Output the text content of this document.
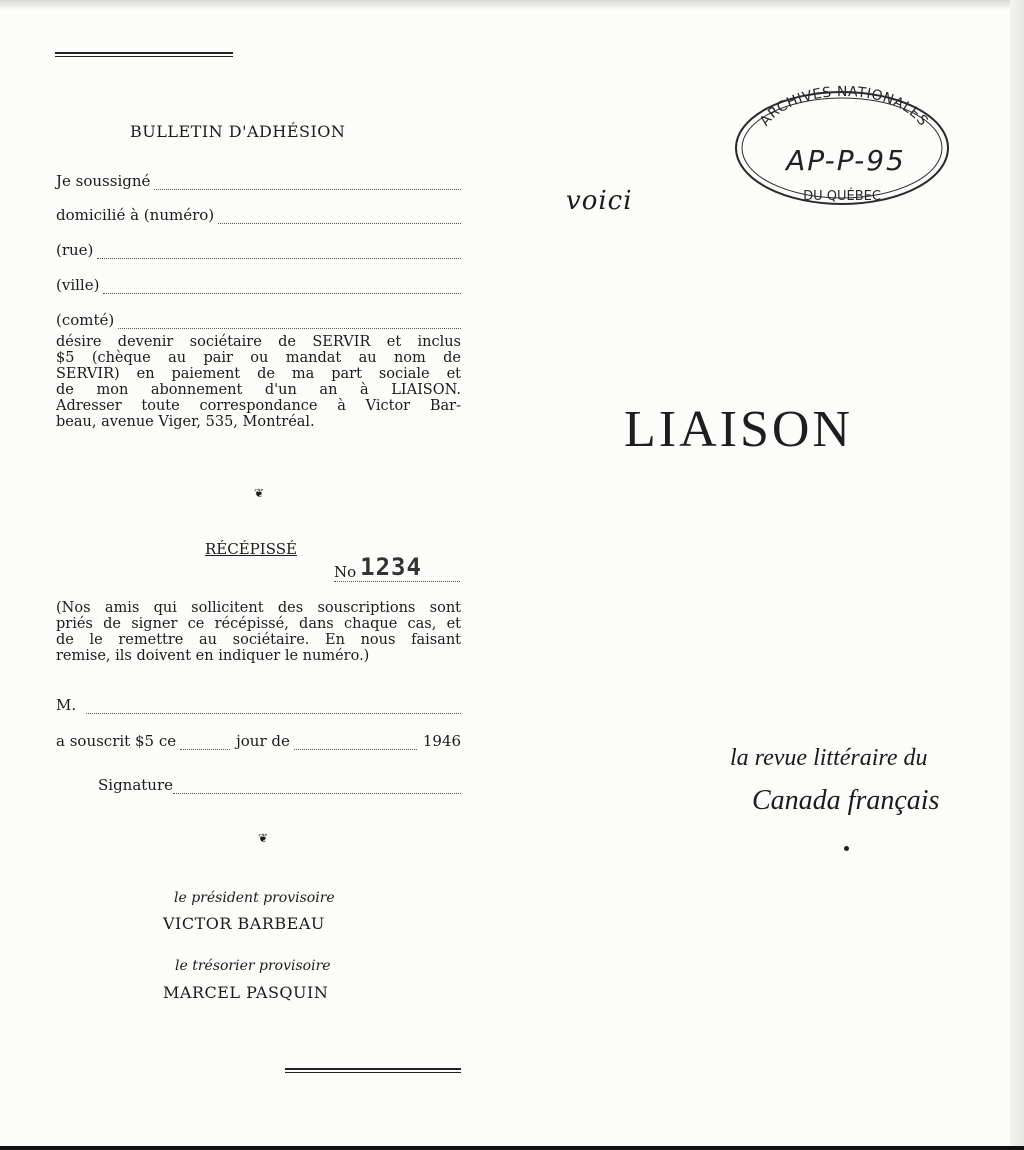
BULLETIN D'ADHÉSION
Je soussigné
domicilié à (numéro)
(rue)
(ville)
(comté)
désire devenir sociétaire de SERVIR et inclus
$5 (chèque au pair ou mandat au nom de
SERVIR) en paiement de ma part sociale et
de mon abonnement d'un an à LIAISON.
Adresser toute correspondance à Victor Bar-
beau, avenue Viger, 535, Montréal.
❦
RÉCÉPISSÉ
No 1234
(Nos amis qui sollicitent des souscriptions sont
priés de signer ce récépissé, dans chaque cas, et
de le remettre au sociétaire. En nous faisant
remise, ils doivent en indiquer le numéro.)
M.
a souscrit $5 ce	jour de	1946
Signature
❦
le président provisoire
VICTOR BARBEAU
le trésorier provisoire
MARCEL PASQUIN
voici
LIAISON
la revue littéraire du
Canada français
ARCHIVES NATIONALES
AP-P-95
DU QUÉBEC
